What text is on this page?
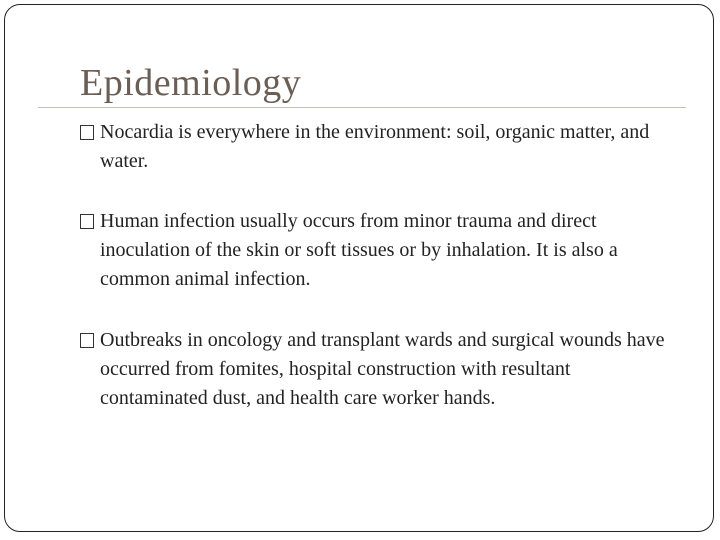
Epidemiology
Nocardia is everywhere in the environment: soil, organic matter, and water.
Human infection usually occurs from minor trauma and direct inoculation of the skin or soft tissues or by inhalation. It is also a common animal infection.
Outbreaks in oncology and transplant wards and surgical wounds have occurred from fomites, hospital construction with resultant contaminated dust, and health care worker hands.
